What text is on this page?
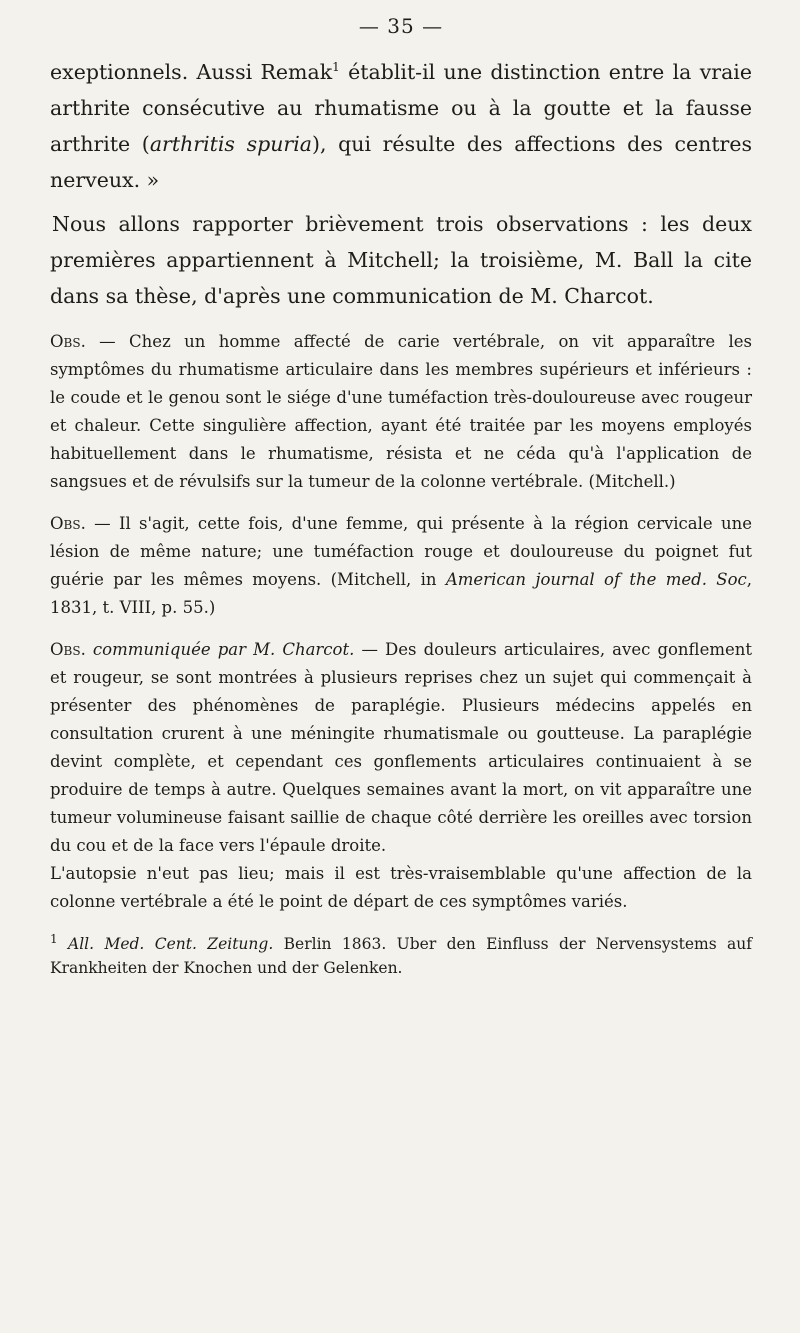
— 35 —

exeptionnels. Aussi Remak$^1$ établit-il une distinction entre la vraie arthrite consécutive au rhumatisme ou à la goutte et la fausse arthrite (arthritis spuria), qui résulte des affections des centres nerveux. »

Nous allons rapporter brièvement trois observations : les deux premières appartiennent à Mitchell; la troisième, M. Ball la cite dans sa thèse, d'après une communication de M. Charcot.

Obs. — Chez un homme affecté de carie vertébrale, on vit apparaître les symptômes du rhumatisme articulaire dans les membres supérieurs et inférieurs : le coude et le genou sont le siége d'une tuméfaction très-douloureuse avec rougeur et chaleur. Cette singulière affection, ayant été traitée par les moyens employés habituellement dans le rhumatisme, résista et ne céda qu'à l'application de sangsues et de révulsifs sur la tumeur de la colonne vertébrale. (Mitchell.)

Obs. — Il s'agit, cette fois, d'une femme, qui présente à la région cervicale une lésion de même nature; une tuméfaction rouge et douloureuse du poignet fut guérie par les mêmes moyens. (Mitchell, in American journal of the med. Soc, 1831, t. VIII, p. 55.)

Obs. communiquée par M. Charcot. — Des douleurs articulaires, avec gonflement et rougeur, se sont montrées à plusieurs reprises chez un sujet qui commençait à présenter des phénomènes de paraplégie. Plusieurs médecins appelés en consultation crurent à une méningite rhumatismale ou goutteuse. La paraplégie devint complète, et cependant ces gonflements articulaires continuaient à se produire de temps à autre. Quelques semaines avant la mort, on vit apparaître une tumeur volumineuse faisant saillie de chaque côté derrière les oreilles avec torsion du cou et de la face vers l'épaule droite.

L'autopsie n'eut pas lieu; mais il est très-vraisemblable qu'une affection de la colonne vertébrale a été le point de départ de ces symptômes variés.

$^1$ All. Med. Cent. Zeitung. Berlin 1863. Uber den Einfluss der Nervensystems auf Krankheiten der Knochen und der Gelenken.
